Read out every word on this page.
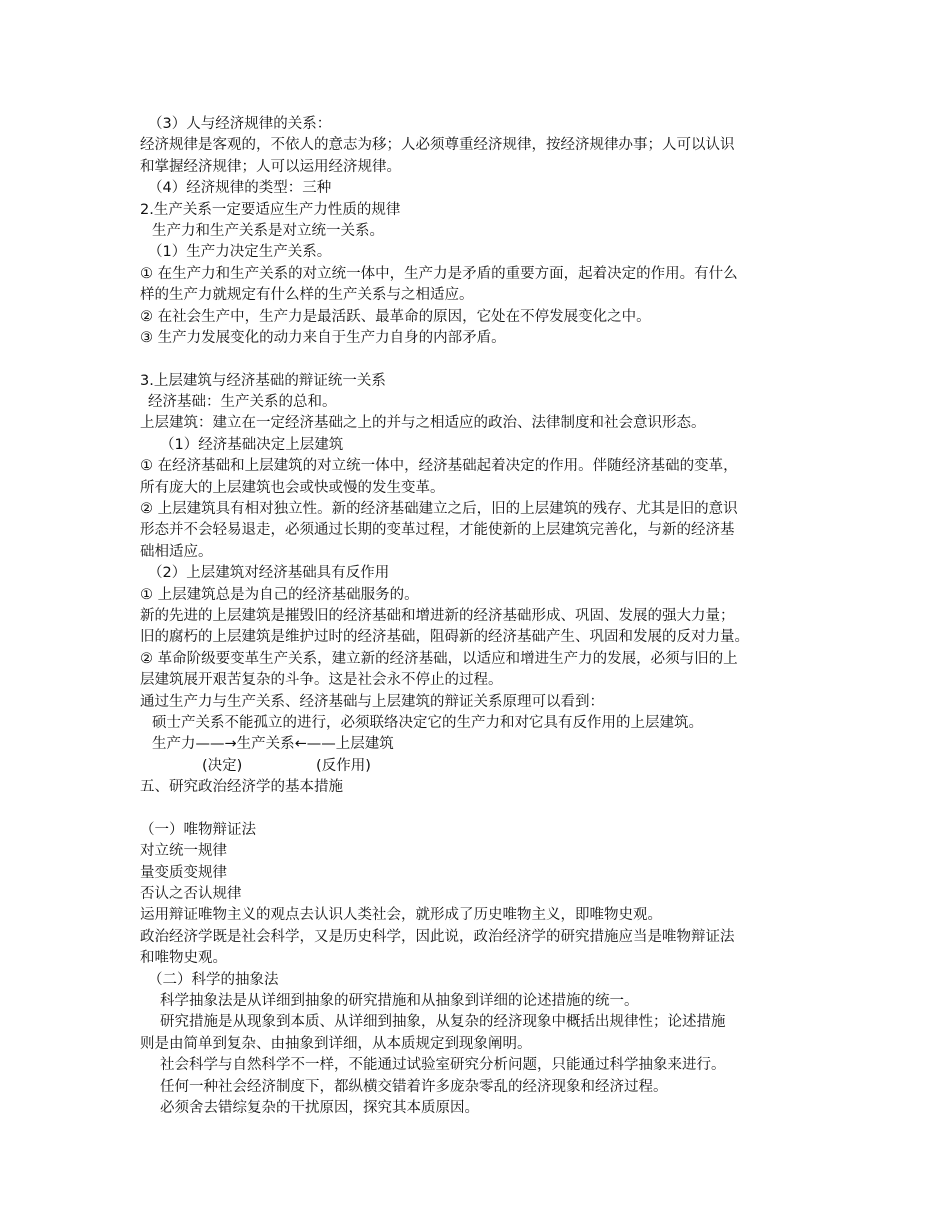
（3）人与经济规律的关系：
经济规律是客观的，不依人的意志为移；人必须尊重经济规律，按经济规律办事；人可以认识
和掌握经济规律；人可以运用经济规律。
（4）经济规律的类型：三种
2.生产关系一定要适应生产力性质的规律
生产力和生产关系是对立统一关系。
（1）生产力决定生产关系。
① 在生产力和生产关系的对立统一体中，生产力是矛盾的重要方面，起着决定的作用。有什么
样的生产力就规定有什么样的生产关系与之相适应。
② 在社会生产中，生产力是最活跃、最革命的原因，它处在不停发展变化之中。
③ 生产力发展变化的动力来自于生产力自身的内部矛盾。
3.上层建筑与经济基础的辩证统一关系
经济基础：生产关系的总和。
上层建筑：建立在一定经济基础之上的并与之相适应的政治、法律制度和社会意识形态。
（1）经济基础决定上层建筑
① 在经济基础和上层建筑的对立统一体中，经济基础起着决定的作用。伴随经济基础的变革，
所有庞大的上层建筑也会或快或慢的发生变革。
② 上层建筑具有相对独立性。新的经济基础建立之后，旧的上层建筑的残存、尤其是旧的意识
形态并不会轻易退走，必须通过长期的变革过程，才能使新的上层建筑完善化，与新的经济基
础相适应。
（2）上层建筑对经济基础具有反作用
① 上层建筑总是为自己的经济基础服务的。
新的先进的上层建筑是摧毁旧的经济基础和增进新的经济基础形成、巩固、发展的强大力量；
旧的腐朽的上层建筑是维护过时的经济基础，阻碍新的经济基础产生、巩固和发展的反对力量。
② 革命阶级要变革生产关系，建立新的经济基础，以适应和增进生产力的发展，必须与旧的上
层建筑展开艰苦复杂的斗争。这是社会永不停止的过程。
通过生产力与生产关系、经济基础与上层建筑的辩证关系原理可以看到：
硕士产关系不能孤立的进行，必须联络决定它的生产力和对它具有反作用的上层建筑。
生产力——→生产关系←——上层建筑
(决定)                (反作用)
五、研究政治经济学的基本措施
（一）唯物辩证法
对立统一规律
量变质变规律
否认之否认规律
运用辩证唯物主义的观点去认识人类社会，就形成了历史唯物主义，即唯物史观。
政治经济学既是社会科学，又是历史科学，因此说，政治经济学的研究措施应当是唯物辩证法
和唯物史观。
（二）科学的抽象法
科学抽象法是从详细到抽象的研究措施和从抽象到详细的论述措施的统一。
研究措施是从现象到本质、从详细到抽象，从复杂的经济现象中概括出规律性；论述措施
则是由简单到复杂、由抽象到详细，从本质规定到现象阐明。
社会科学与自然科学不一样，不能通过试验室研究分析问题，只能通过科学抽象来进行。
任何一种社会经济制度下，都纵横交错着许多庞杂零乱的经济现象和经济过程。
必须舍去错综复杂的干扰原因，探究其本质原因。
